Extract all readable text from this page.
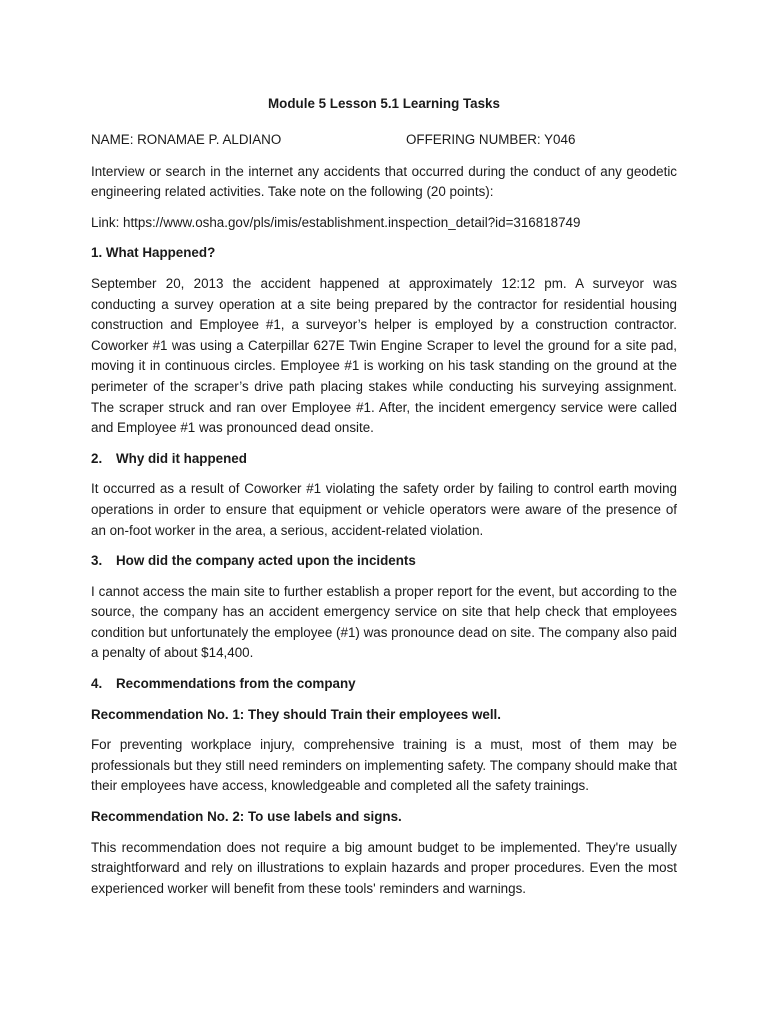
Module 5 Lesson 5.1 Learning Tasks
NAME: RONAMAE P. ALDIANO	OFFERING NUMBER: Y046

Interview or search in the internet any accidents that occurred during the conduct of any geodetic engineering related activities. Take note on the following (20 points):

Link: https://www.osha.gov/pls/imis/establishment.inspection_detail?id=316818749
1. What Happened?

September 20, 2013 the accident happened at approximately 12:12 pm. A surveyor was conducting a survey operation at a site being prepared by the contractor for residential housing construction and Employee #1, a surveyor’s helper is employed by a construction contractor. Coworker #1 was using a Caterpillar 627E Twin Engine Scraper to level the ground for a site pad, moving it in continuous circles. Employee #1 is working on his task standing on the ground at the perimeter of the scraper’s drive path placing stakes while conducting his surveying assignment. The scraper struck and ran over Employee #1. After, the incident emergency service were called and Employee #1 was pronounced dead onsite.

2. Why did it happened

It occurred as a result of Coworker #1 violating the safety order by failing to control earth moving operations in order to ensure that equipment or vehicle operators were aware of the presence of an on-foot worker in the area, a serious, accident-related violation.

3. How did the company acted upon the incidents

I cannot access the main site to further establish a proper report for the event, but according to the source, the company has an accident emergency service on site that help check that employees condition but unfortunately the employee (#1) was pronounce dead on site. The company also paid a penalty of about $14,400.

4. Recommendations from the company
Recommendation No. 1: They should Train their employees well.

For preventing workplace injury, comprehensive training is a must, most of them may be professionals but they still need reminders on implementing safety. The company should make that their employees have access, knowledgeable and completed all the safety trainings.

Recommendation No. 2: To use labels and signs.

This recommendation does not require a big amount budget to be implemented. They're usually straightforward and rely on illustrations to explain hazards and proper procedures. Even the most experienced worker will benefit from these tools' reminders and warnings.
